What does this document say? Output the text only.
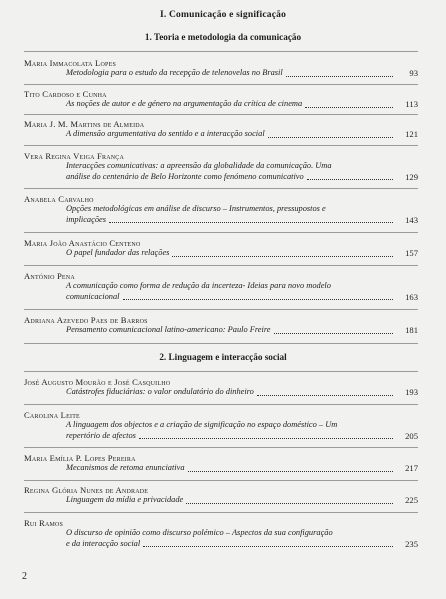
I. Comunicação e significação
1. Teoria e metodologia da comunicação
Maria Immacolata Lopes
Metodologia para o estudo da recepção de telenovelas no Brasil	93
Tito Cardoso e Cunha
As noções de autor e de género na argumentação da crítica de cinema	113
Maria J. M. Martins de Almeida
A dimensão argumentativa do sentido e a interacção social	121
Vera Regina Veiga França
Interacções comunicativas: a apreensão da globalidade da comunicação. Uma
análise do centenário de Belo Horizonte como fenómeno comunicativo	129
Anabela Carvalho
Opções metodológicas em análise de discurso – Instrumentos, pressupostos e
implicações	143
Maria João Anastácio Centeno
O papel fundador das relações	157
António Pena
A comunicação como forma de redução da incerteza- Ideias para novo modelo
comunicacional	163
Adriana Azevedo Paes de Barros
Pensamento comunicacional latino-americano: Paulo Freire	181
2. Linguagem e interacção social
José Augusto Mourão e José Casquilho
Catástrofes fiduciárias: o valor ondulatório do dinheiro	193
Carolina Leite
A linguagem dos objectos e a criação de significação no espaço doméstico – Um
repertório de afectos	205
Maria Emília P. Lopes Pereira
Mecanismos de retoma enunciativa	217
Regina Glória Nunes de Andrade
Linguagem da mídia e privacidade	225
Rui Ramos
O discurso de opinião como discurso polémico – Aspectos da sua configuração
e da interacção social	235
2
